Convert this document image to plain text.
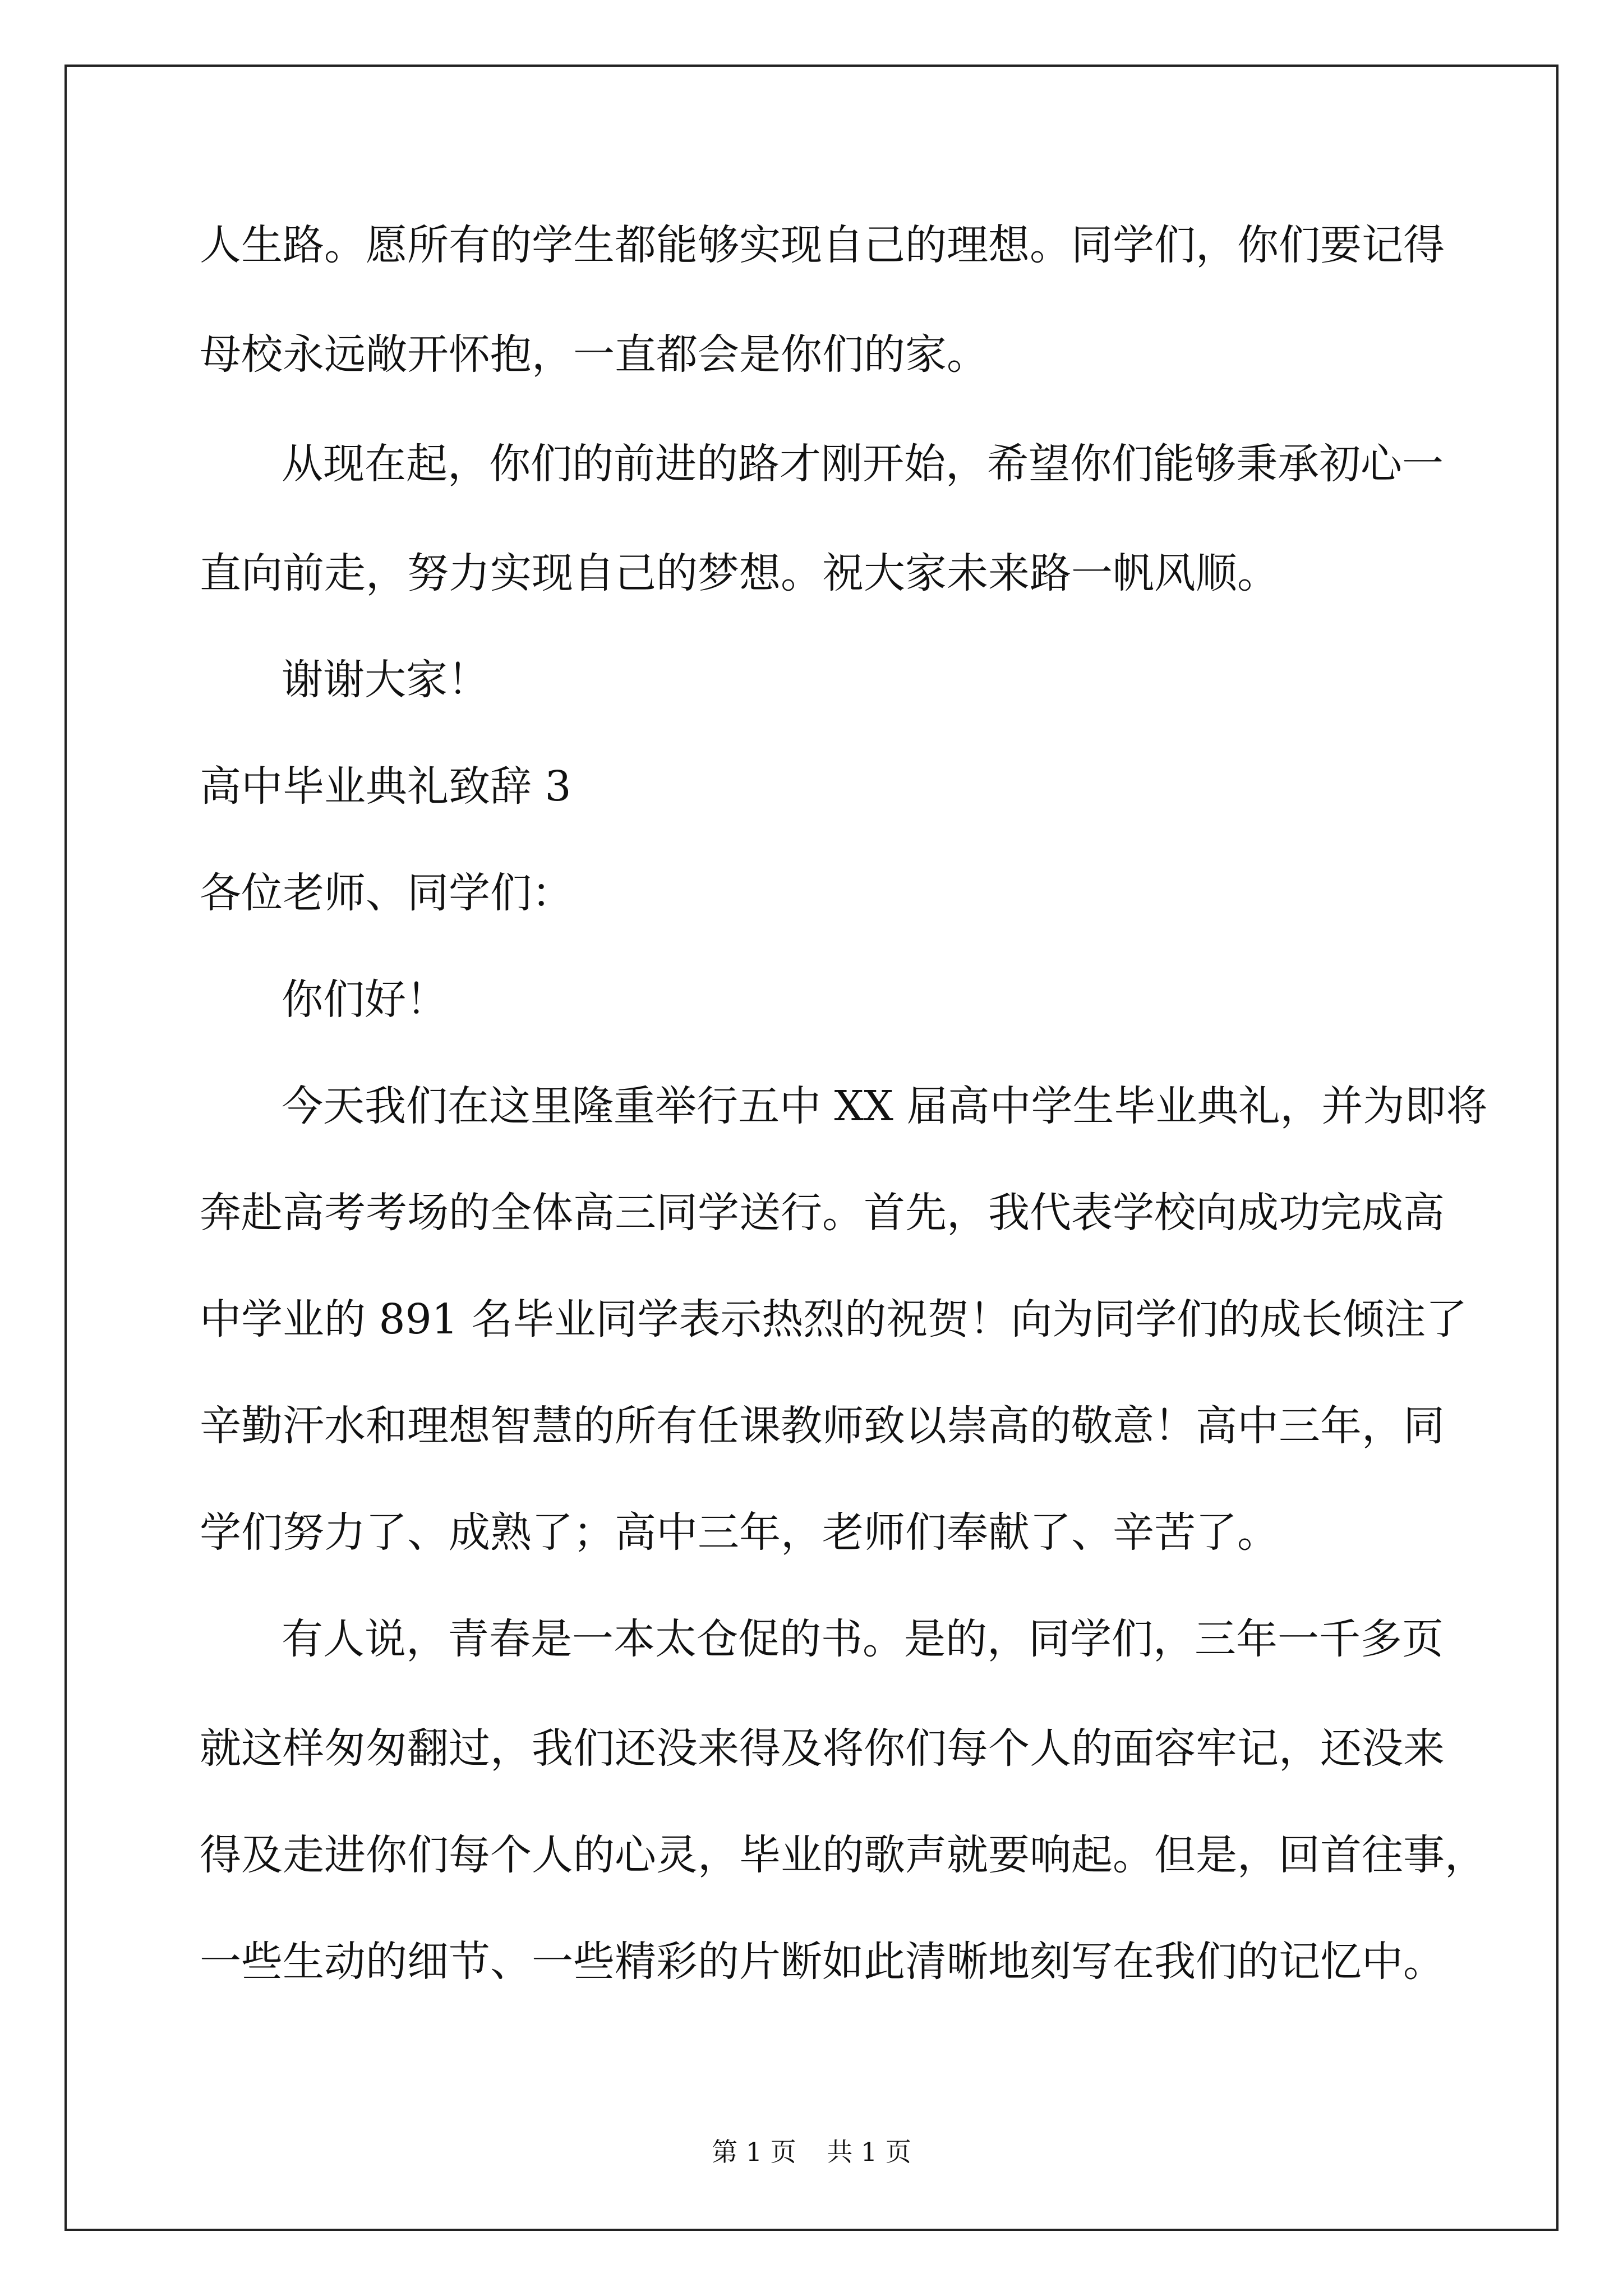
人生路。愿所有的学生都能够实现自己的理想。同学们，你们要记得
母校永远敞开怀抱，一直都会是你们的家。
从现在起，你们的前进的路才刚开始，希望你们能够秉承初心一
直向前走，努力实现自己的梦想。祝大家未来路一帆风顺。
谢谢大家！
高中毕业典礼致辞 3
各位老师、同学们：
你们好！
今天我们在这里隆重举行五中 XX 届高中学生毕业典礼，并为即将
奔赴高考考场的全体高三同学送行。首先，我代表学校向成功完成高
中学业的 891 名毕业同学表示热烈的祝贺！向为同学们的成长倾注了
辛勤汗水和理想智慧的所有任课教师致以崇高的敬意！高中三年，同
学们努力了、成熟了；高中三年，老师们奉献了、辛苦了。
有人说，青春是一本太仓促的书。是的，同学们，三年一千多页
就这样匆匆翻过，我们还没来得及将你们每个人的面容牢记，还没来
得及走进你们每个人的心灵，毕业的歌声就要响起。但是，回首往事，
一些生动的细节、一些精彩的片断如此清晰地刻写在我们的记忆中。
第 1 页 共 1 页
